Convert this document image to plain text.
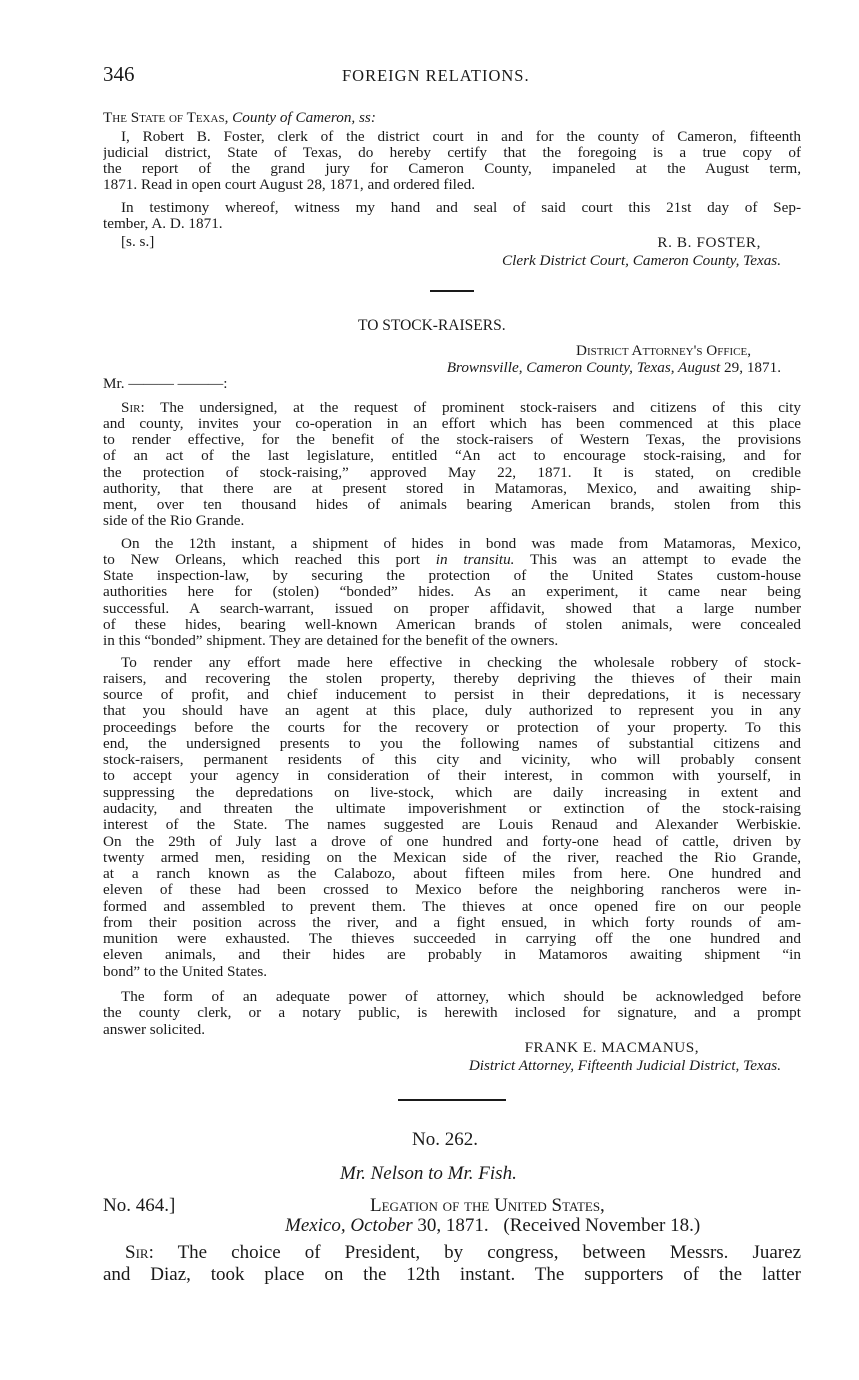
346	FOREIGN RELATIONS.
The State of Texas, County of Cameron, ss:
I, Robert B. Foster, clerk of the district court in and for the county of Cameron, fifteenth
judicial district, State of Texas, do hereby certify that the foregoing is a true copy of
the report of the grand jury for Cameron County, impaneled at the August term,
1871. Read in open court August 28, 1871, and ordered filed.
In testimony whereof, witness my hand and seal of said court this 21st day of Sep-
tember, A. D. 1871.
[s. s.]	R. B. FOSTER,
Clerk District Court, Cameron County, Texas.
TO STOCK-RAISERS.
District Attorney's Office,
Brownsville, Cameron County, Texas, August 29, 1871.
Mr. ——— ———:
Sir: The undersigned, at the request of prominent stock-raisers and citizens of this city
and county, invites your co-operation in an effort which has been commenced at this place
to render effective, for the benefit of the stock-raisers of Western Texas, the provisions
of an act of the last legislature, entitled “An act to encourage stock-raising, and for
the protection of stock-raising,” approved May 22, 1871. It is stated, on credible
authority, that there are at present stored in Matamoras, Mexico, and awaiting ship-
ment, over ten thousand hides of animals bearing American brands, stolen from this
side of the Rio Grande.
On the 12th instant, a shipment of hides in bond was made from Matamoras, Mexico,
to New Orleans, which reached this port in transitu. This was an attempt to evade the
State inspection-law, by securing the protection of the United States custom-house
authorities here for (stolen) “bonded” hides. As an experiment, it came near being
successful. A search-warrant, issued on proper affidavit, showed that a large number
of these hides, bearing well-known American brands of stolen animals, were concealed
in this “bonded” shipment. They are detained for the benefit of the owners.
To render any effort made here effective in checking the wholesale robbery of stock-
raisers, and recovering the stolen property, thereby depriving the thieves of their main
source of profit, and chief inducement to persist in their depredations, it is necessary
that you should have an agent at this place, duly authorized to represent you in any
proceedings before the courts for the recovery or protection of your property. To this
end, the undersigned presents to you the following names of substantial citizens and
stock-raisers, permanent residents of this city and vicinity, who will probably consent
to accept your agency in consideration of their interest, in common with yourself, in
suppressing the depredations on live-stock, which are daily increasing in extent and
audacity, and threaten the ultimate impoverishment or extinction of the stock-raising
interest of the State. The names suggested are Louis Renaud and Alexander Werbiskie.
On the 29th of July last a drove of one hundred and forty-one head of cattle, driven by
twenty armed men, residing on the Mexican side of the river, reached the Rio Grande,
at a ranch known as the Calabozo, about fifteen miles from here. One hundred and
eleven of these had been crossed to Mexico before the neighboring rancheros were in-
formed and assembled to prevent them. The thieves at once opened fire on our people
from their position across the river, and a fight ensued, in which forty rounds of am-
munition were exhausted. The thieves succeeded in carrying off the one hundred and
eleven animals, and their hides are probably in Matamoros awaiting shipment “in
bond” to the United States.
The form of an adequate power of attorney, which should be acknowledged before
the county clerk, or a notary public, is herewith inclosed for signature, and a prompt
answer solicited.
FRANK E. MACMANUS,
District Attorney, Fifteenth Judicial District, Texas.
No. 262.
Mr. Nelson to Mr. Fish.
No. 464.]	Legation of the United States,
Mexico, October 30, 1871. (Received November 18.)
Sir: The choice of President, by congress, between Messrs. Juarez
and Diaz, took place on the 12th instant. The supporters of the latter
